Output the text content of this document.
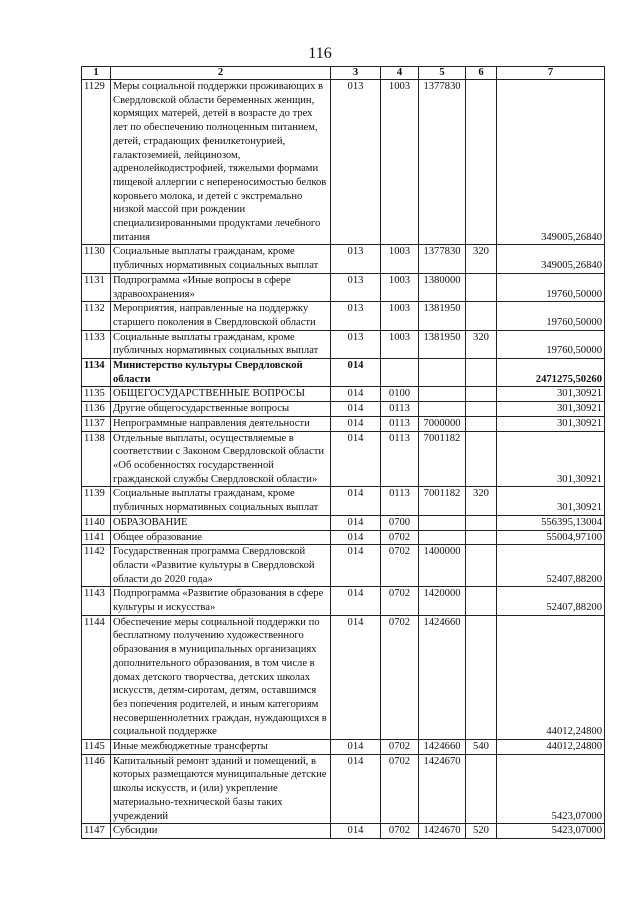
116
1	2	3	4	5	6	7
1129	Меры социальной поддержки проживающих в Свердловской области беременных женщин, кормящих матерей, детей в возрасте до трех лет по обеспечению полноценным питанием, детей, страдающих фенилкетонурией, галактоземией, лейцинозом, адренолейкодистрофией, тяжелыми формами пищевой аллергии с непереносимостью белков коровьего молока, и детей с экстремально низкой массой при рождении специализированными продуктами лечебного питания	013	1003	1377830		349005,26840
1130	Социальные выплаты гражданам, кроме публичных нормативных социальных выплат	013	1003	1377830	320	349005,26840
1131	Подпрограмма «Иные вопросы в сфере здравоохранения»	013	1003	1380000		19760,50000
1132	Мероприятия, направленные на поддержку старшего поколения в Свердловской области	013	1003	1381950		19760,50000
1133	Социальные выплаты гражданам, кроме публичных нормативных социальных выплат	013	1003	1381950	320	19760,50000
1134	Министерство культуры Свердловской области	014				2471275,50260
1135	ОБЩЕГОСУДАРСТВЕННЫЕ ВОПРОСЫ	014	0100			301,30921
1136	Другие общегосударственные вопросы	014	0113			301,30921
1137	Непрограммные направления деятельности	014	0113	7000000		301,30921
1138	Отдельные выплаты, осуществляемые в соответствии с Законом Свердловской области «Об особенностях государственной гражданской службы Свердловской области»	014	0113	7001182		301,30921
1139	Социальные выплаты гражданам, кроме публичных нормативных социальных выплат	014	0113	7001182	320	301,30921
1140	ОБРАЗОВАНИЕ	014	0700			556395,13004
1141	Общее образование	014	0702			55004,97100
1142	Государственная программа Свердловской области «Развитие культуры в Свердловской области до 2020 года»	014	0702	1400000		52407,88200
1143	Подпрограмма «Развитие образования в сфере культуры и искусства»	014	0702	1420000		52407,88200
1144	Обеспечение меры социальной поддержки по бесплатному получению художественного образования в муниципальных организациях дополнительного образования, в том числе в домах детского творчества, детских школах искусств, детям-сиротам, детям, оставшимся без попечения родителей, и иным категориям несовершеннолетних граждан, нуждающихся в социальной поддержке	014	0702	1424660		44012,24800
1145	Иные межбюджетные трансферты	014	0702	1424660	540	44012,24800
1146	Капитальный ремонт зданий и помещений, в которых размещаются муниципальные детские школы искусств, и (или) укрепление материально-технической базы таких учреждений	014	0702	1424670		5423,07000
1147	Субсидии	014	0702	1424670	520	5423,07000
